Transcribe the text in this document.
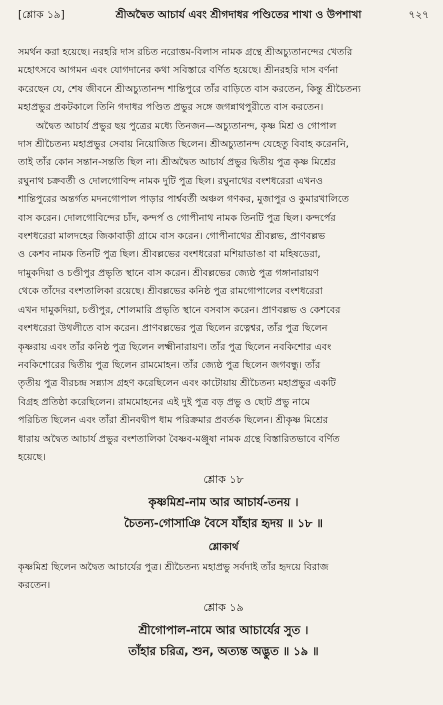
[শ্লোক ১৯]	শ্রীঅদ্বৈত আচার্য এবং শ্রীগদাধর পণ্ডিতের শাখা ও উপশাখা	৭২৭

সমর্থন করা হয়েছে। নরহরি দাস রচিত নরোত্তম-বিলাস নামক গ্রন্থে শ্রীঅচ্যুতানন্দের খেতরি
মহোৎসবে আগমন এবং যোগদানের কথা সবিস্তারে বর্ণিত হয়েছে। শ্রীনরহরি দাস বর্ণনা
করেছেন যে, শেষ জীবনে শ্রীঅচ্যুতানন্দ শান্তিপুরে তাঁর বাড়িতে বাস করতেন, কিন্তু শ্রীচৈতন্য
মহাপ্রভুর প্রকটকালে তিনি গদাধর পণ্ডিত প্রভুর সঙ্গে জগন্নাথপুরীতে বাস করতেন।

অদ্বৈত আচার্য প্রভুর ছয় পুত্রের মধ্যে তিনজন—অচ্যুতানন্দ, কৃষ্ণ মিশ্র ও গোপাল
দাস শ্রীচৈতন্য মহাপ্রভুর সেবায় নিয়োজিত ছিলেন। শ্রীঅচ্যুতানন্দ যেহেতু বিবাহ করেননি,
তাই তাঁর কোন সন্তান-সন্ততি ছিল না। শ্রীঅদ্বৈত আচার্য প্রভুর দ্বিতীয় পুত্র কৃষ্ণ মিশ্রের
রঘুনাথ চক্রবর্তী ও দোলগোবিন্দ নামক দুটি পুত্র ছিল। রঘুনাথের বংশধরেরা এখনও
শান্তিপুরের অন্তর্গত মদনগোপাল পাড়ার পার্শ্ববর্তী অঞ্চল গণকর, মুজাপুর ও কুমারখালিতে
বাস করেন। দোলগোবিন্দের চাঁদ, কন্দর্প ও গোপীনাথ নামক তিনটি পুত্র ছিল। কন্দর্পের
বংশধরেরা মালদহের জিকাবাড়ী গ্রামে বাস করেন। গোপীনাথের শ্রীবল্লভ, প্রাণবল্লভ
ও কেশব নামক তিনটি পুত্র ছিল। শ্রীবল্লভের বংশধরেরা মশিয়াডাঙা বা মহিষডেরা,
দামুকদিয়া ও চণ্ডীপুর প্রভৃতি স্থানে বাস করেন। শ্রীবল্লভের জ্যেষ্ঠ পুত্র গঙ্গানারায়ণ
থেকে তাঁদের বংশতালিকা রয়েছে। শ্রীবল্লভের কনিষ্ঠ পুত্র রামগোপালের বংশধরেরা
এখন দামুকদিয়া, চণ্ডীপুর, শোলমারি প্রভৃতি স্থানে বসবাস করেন। প্রাণবল্লভ ও কেশবের
বংশধরেরা উথলীতে বাস করেন। প্রাণবল্লভের পুত্র ছিলেন রত্নেশ্বর, তাঁর পুত্র ছিলেন
কৃষ্ণরায় এবং তাঁর কনিষ্ঠ পুত্র ছিলেন লক্ষ্মীনারায়ণ। তাঁর পুত্র ছিলেন নবকিশোর এবং
নবকিশোরের দ্বিতীয় পুত্র ছিলেন রামমোহন। তাঁর জ্যেষ্ঠ পুত্র ছিলেন জগবন্ধু। তাঁর
তৃতীয় পুত্র বীরচন্দ্র সন্ন্যাস গ্রহণ করেছিলেন এবং কাটোয়ায় শ্রীচৈতন্য মহাপ্রভুর একটি
বিগ্রহ প্রতিষ্ঠা করেছিলেন। রামমোহনের এই দুই পুত্র বড় প্রভু ও ছোট প্রভু নামে
পরিচিত ছিলেন এবং তাঁরা শ্রীনবদ্বীপ ধাম পরিক্রমার প্রবর্তক ছিলেন। শ্রীকৃষ্ণ মিশ্রের
ধারায় অদ্বৈত আচার্য প্রভুর বংশতালিকা বৈষ্ণব-মঞ্জুষা নামক গ্রন্থে বিস্তারিতভাবে বর্ণিত
হয়েছে।

শ্লোক ১৮
কৃষ্ণমিশ্র-নাম আর আচার্য-তনয় ।
চৈতন্য-গোসাঞি বৈসে যাঁহার হৃদয় ॥ ১৮ ॥
শ্লোকার্থ

কৃষ্ণমিশ্র ছিলেন অদ্বৈত আচার্যের পুত্র। শ্রীচৈতন্য মহাপ্রভু সর্বদাই তাঁর হৃদয়ে বিরাজ
করতেন।

শ্লোক ১৯
শ্রীগোপাল-নামে আর আচার্যের সুত ।
তাঁহার চরিত্র, শুন, অত্যন্ত অদ্ভুত ॥ ১৯ ॥
